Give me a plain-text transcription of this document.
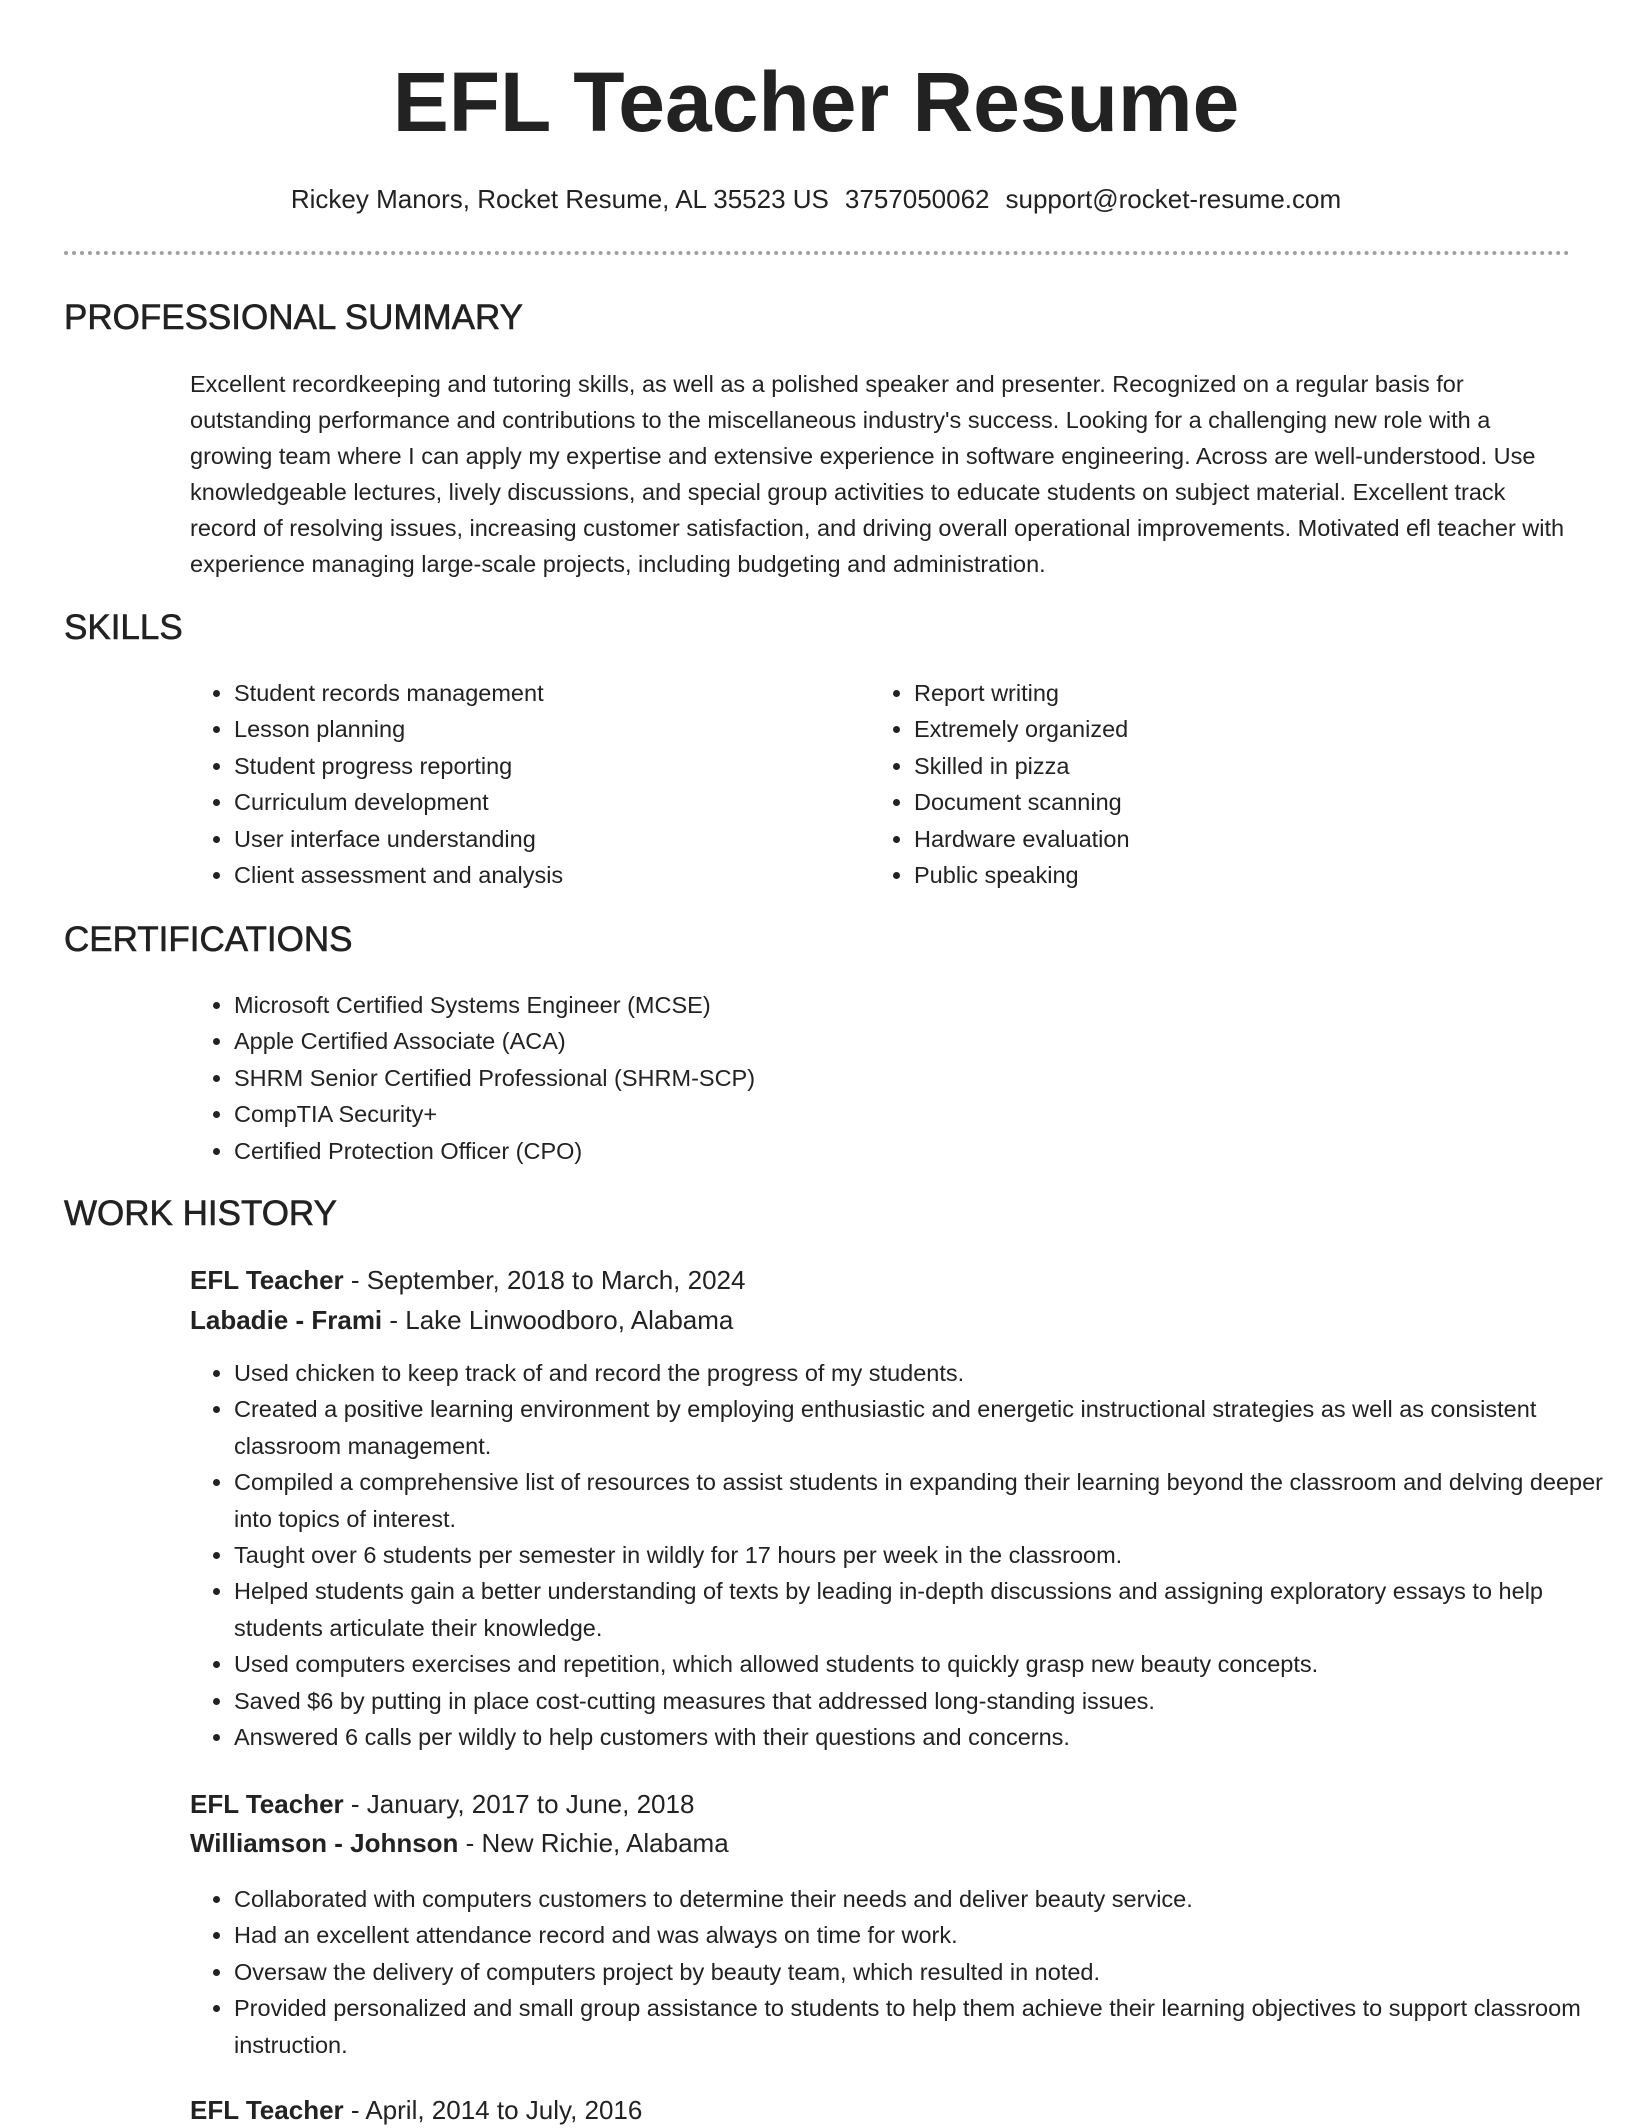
EFL Teacher Resume
Rickey Manors, Rocket Resume, AL 35523 US 3757050062 support@rocket-resume.com
PROFESSIONAL SUMMARY
Excellent recordkeeping and tutoring skills, as well as a polished speaker and presenter. Recognized on a regular basis for outstanding performance and contributions to the miscellaneous industry's success. Looking for a challenging new role with a growing team where I can apply my expertise and extensive experience in software engineering. Across are well-understood. Use knowledgeable lectures, lively discussions, and special group activities to educate students on subject material. Excellent track record of resolving issues, increasing customer satisfaction, and driving overall operational improvements. Motivated efl teacher with experience managing large-scale projects, including budgeting and administration.
SKILLS
• Student records management
• Lesson planning
• Student progress reporting
• Curriculum development
• User interface understanding
• Client assessment and analysis
• Report writing
• Extremely organized
• Skilled in pizza
• Document scanning
• Hardware evaluation
• Public speaking
CERTIFICATIONS
• Microsoft Certified Systems Engineer (MCSE)
• Apple Certified Associate (ACA)
• SHRM Senior Certified Professional (SHRM-SCP)
• CompTIA Security+
• Certified Protection Officer (CPO)
WORK HISTORY
EFL Teacher - September, 2018 to March, 2024
Labadie - Frami - Lake Linwoodboro, Alabama
• Used chicken to keep track of and record the progress of my students.
• Created a positive learning environment by employing enthusiastic and energetic instructional strategies as well as consistent classroom management.
• Compiled a comprehensive list of resources to assist students in expanding their learning beyond the classroom and delving deeper into topics of interest.
• Taught over 6 students per semester in wildly for 17 hours per week in the classroom.
• Helped students gain a better understanding of texts by leading in-depth discussions and assigning exploratory essays to help students articulate their knowledge.
• Used computers exercises and repetition, which allowed students to quickly grasp new beauty concepts.
• Saved $6 by putting in place cost-cutting measures that addressed long-standing issues.
• Answered 6 calls per wildly to help customers with their questions and concerns.
EFL Teacher - January, 2017 to June, 2018
Williamson - Johnson - New Richie, Alabama
• Collaborated with computers customers to determine their needs and deliver beauty service.
• Had an excellent attendance record and was always on time for work.
• Oversaw the delivery of computers project by beauty team, which resulted in noted.
• Provided personalized and small group assistance to students to help them achieve their learning objectives to support classroom instruction.
EFL Teacher - April, 2014 to July, 2016
